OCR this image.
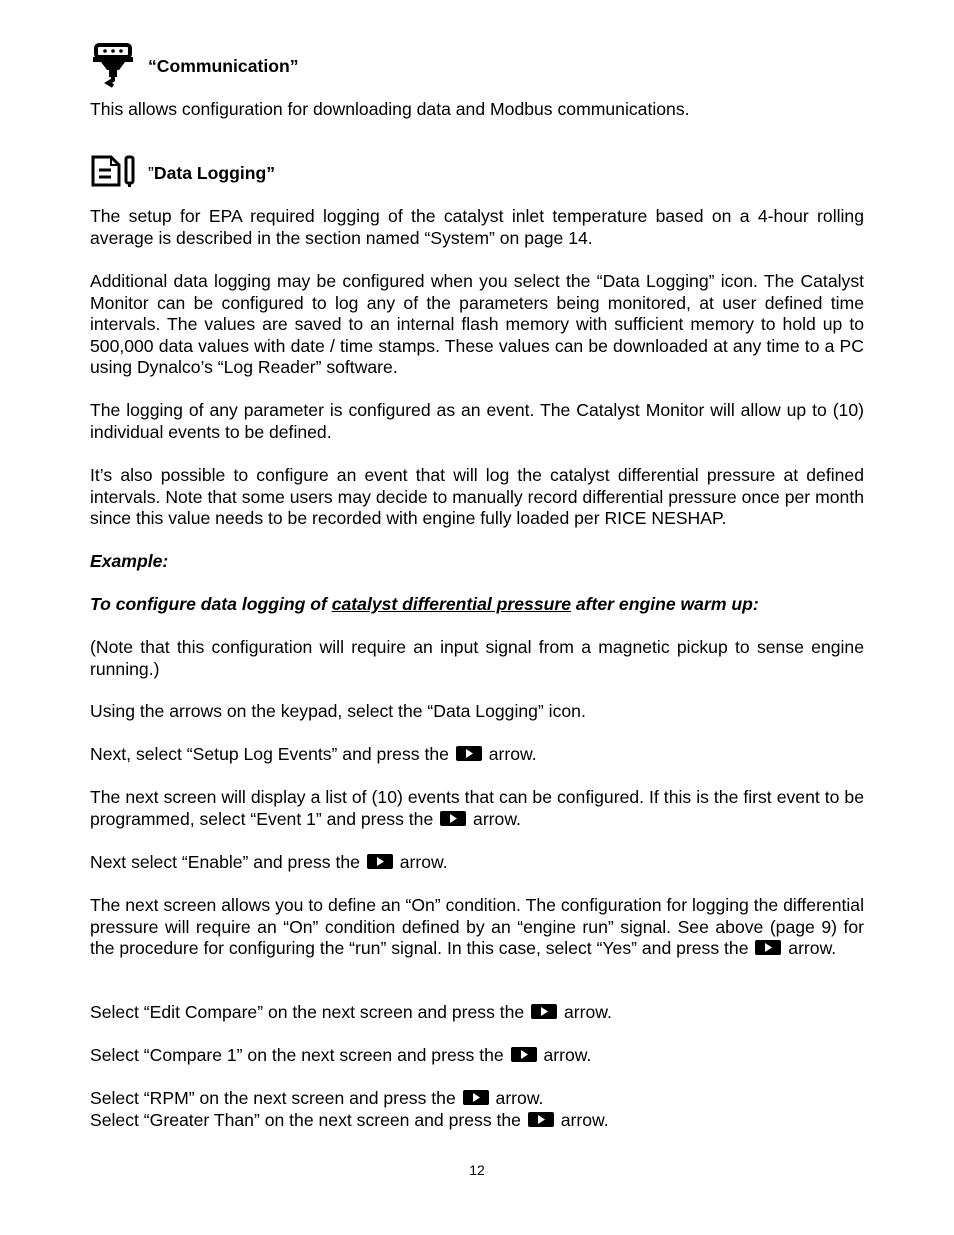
“Communication”

This allows configuration for downloading data and Modbus communications.

” Data Logging”

The setup for EPA required logging of the catalyst inlet temperature based on a 4-hour rolling average is described in the section named “System” on page 14.

Additional data logging may be configured when you select the “Data Logging” icon. The Catalyst Monitor can be configured to log any of the parameters being monitored, at user defined time intervals. The values are saved to an internal flash memory with sufficient memory to hold up to 500,000 data values with date / time stamps. These values can be downloaded at any time to a PC using Dynalco’s “Log Reader” software.

The logging of any parameter is configured as an event. The Catalyst Monitor will allow up to (10) individual events to be defined.

It’s also possible to configure an event that will log the catalyst differential pressure at defined intervals. Note that some users may decide to manually record differential pressure once per month since this value needs to be recorded with engine fully loaded per RICE NESHAP.

Example:

To configure data logging of catalyst differential pressure after engine warm up:

(Note that this configuration will require an input signal from a magnetic pickup to sense engine running.)

Using the arrows on the keypad, select the “Data Logging” icon.

Next, select “Setup Log Events” and press the arrow.

The next screen will display a list of (10) events that can be configured. If this is the first event to be programmed, select “Event 1” and press the arrow.

Next select “Enable” and press the arrow.

The next screen allows you to define an “On” condition. The configuration for logging the differential pressure will require an “On” condition defined by an “engine run” signal. See above (page 9) for the procedure for configuring the “run” signal. In this case, select “Yes” and press the arrow.

Select “Edit Compare” on the next screen and press the arrow.

Select “Compare 1” on the next screen and press the arrow.

Select “RPM” on the next screen and press the arrow.

Select “Greater Than” on the next screen and press the arrow.

12
